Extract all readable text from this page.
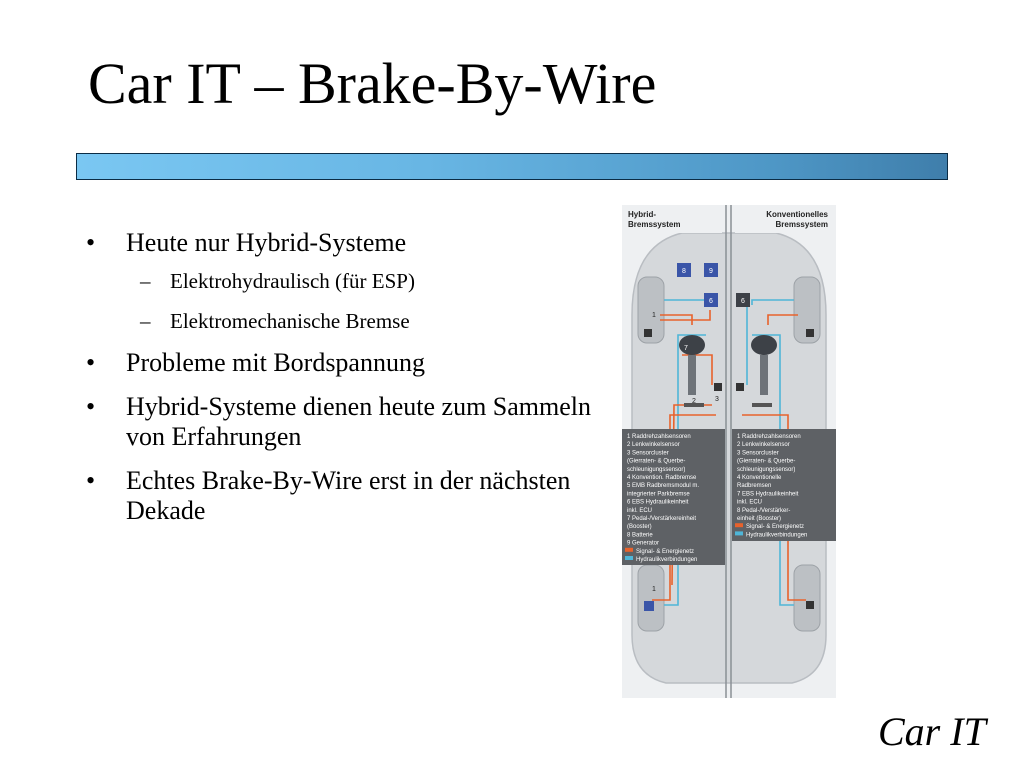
Car IT – Brake-By-Wire
• Heute nur Hybrid-Systeme
– Elektrohydraulisch (für ESP)
– Elektromechanische Bremse
• Probleme mit Bordspannung
• Hybrid-Systeme dienen heute zum Sammeln von Erfahrungen
• Echtes Brake-By-Wire erst in der nächsten Dekade
Hybrid-
Bremssystem
Konventionelles
Bremssystem
8	9
6
7
2	3
6
1
1
1 Raddrehzahlsensoren
2 Lenkwinkelsensor
3 Sensorcluster
(Gierraten- & Querbe-
schleunigungssensor)
4 Konvention. Radbremse
5 EMB Radbremsmodul m.
integrierter Parkbremse
6 EBS Hydraulikeinheit
inkl. ECU
7 Pedal-/Verstärkereinheit
(Booster)
8 Batterie
9 Generator
Signal- & Energienetz
Hydraulikverbindungen
1 Raddrehzahlsensoren
2 Lenkwinkelsensor
3 Sensorcluster
(Gierraten- & Querbe-
schleunigungssensor)
4 Konventionelle
Radbremsen
7 EBS Hydraulikeinheit
inkl. ECU
8 Pedal-/Verstärker-
einheit (Booster)
Signal- & Energienetz
Hydraulikverbindungen
Car IT
